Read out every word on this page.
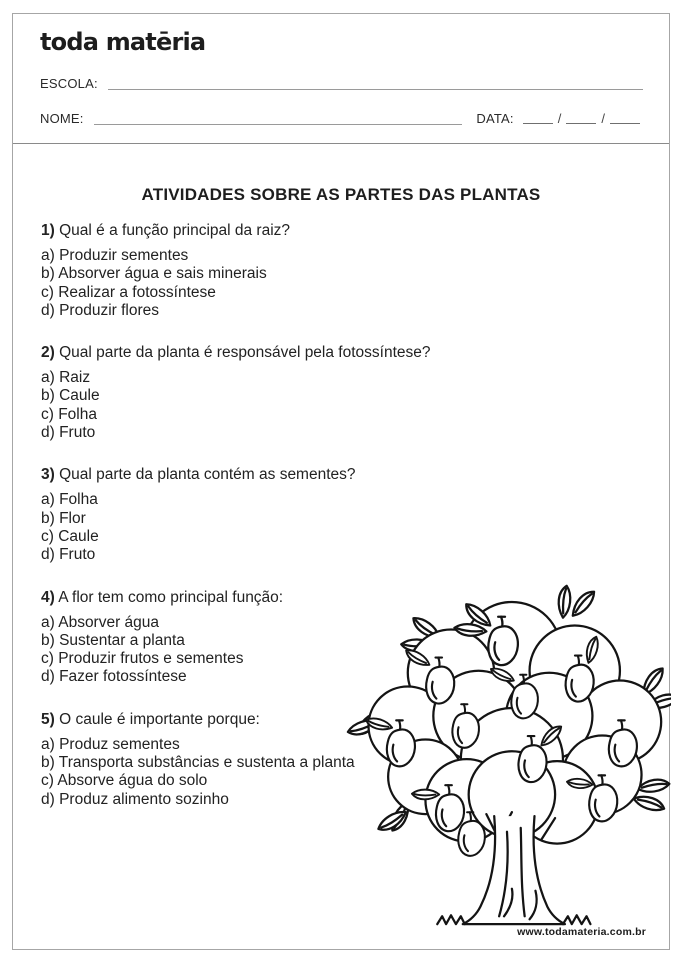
toda matēria
ESCOLA:
NOME:	DATA:	/	/
ATIVIDADES SOBRE AS PARTES DAS PLANTAS

1) Qual é a função principal da raiz?

a) Produzir sementes

b) Absorver água e sais minerais

c) Realizar a fotossíntese

d) Produzir flores

2) Qual parte da planta é responsável pela fotossíntese?

a) Raiz

b) Caule

c) Folha

d) Fruto

3) Qual parte da planta contém as sementes?

a) Folha

b) Flor

c) Caule

d) Fruto

4) A flor tem como principal função:

a) Absorver água

b) Sustentar a planta

c) Produzir frutos e sementes

d) Fazer fotossíntese

5) O caule é importante porque:

a) Produz sementes

b) Transporta substâncias e sustenta a planta

c) Absorve água do solo

d) Produz alimento sozinho

www.todamateria.com.br
